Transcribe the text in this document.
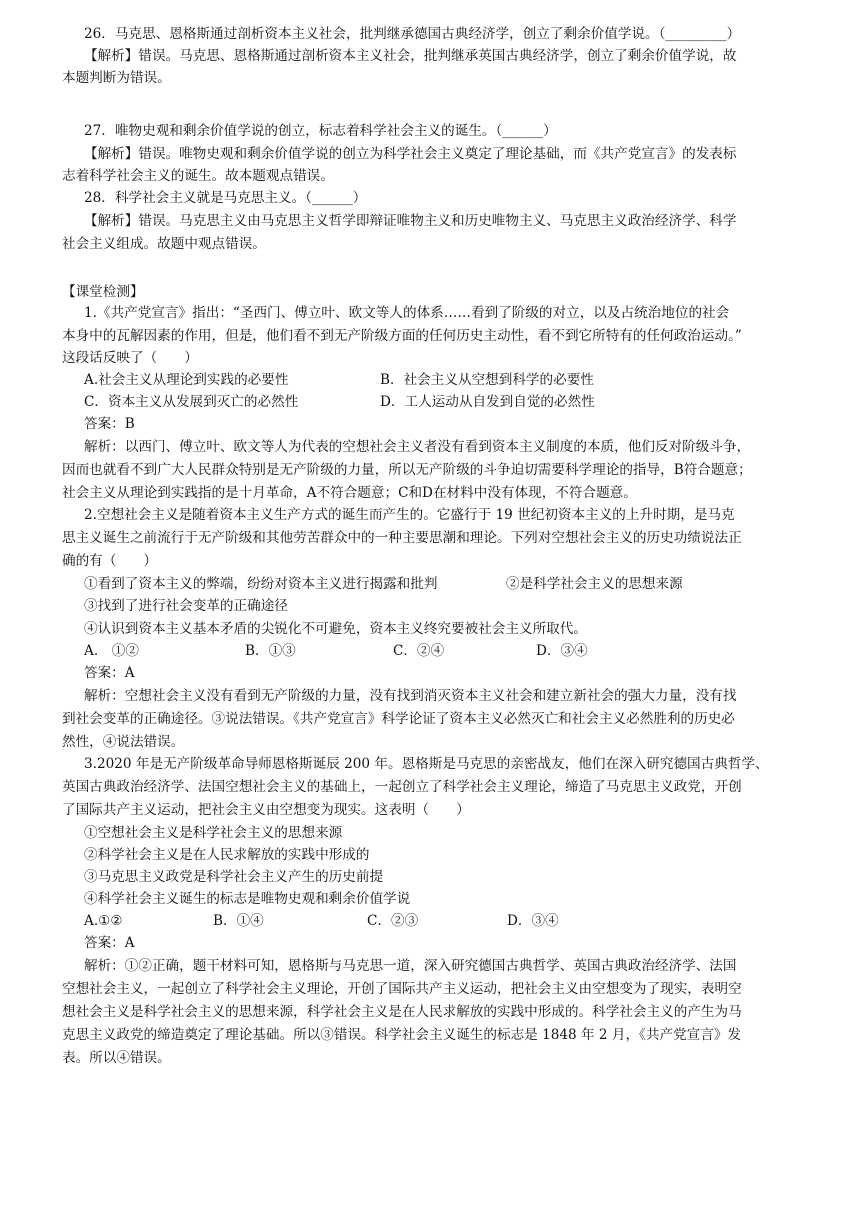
26．马克思、恩格斯通过剖析资本主义社会，批判继承德国古典经济学，创立了剩余价值学说。（_________）
【解析】错误。马克思、恩格斯通过剖析资本主义社会，批判继承英国古典经济学，创立了剩余价值学说，故
本题判断为错误。
27．唯物史观和剩余价值学说的创立，标志着科学社会主义的诞生。（______）
【解析】错误。唯物史观和剩余价值学说的创立为科学社会主义奠定了理论基础，而《共产党宣言》的发表标
志着科学社会主义的诞生。故本题观点错误。
28．科学社会主义就是马克思主义。（______）
【解析】错误。马克思主义由马克思主义哲学即辩证唯物主义和历史唯物主义、马克思主义政治经济学、科学
社会主义组成。故题中观点错误。
【课堂检测】
1.《共产党宣言》指出：“圣西门、傅立叶、欧文等人的体系……看到了阶级的对立，以及占统治地位的社会
本身中的瓦解因素的作用，但是，他们看不到无产阶级方面的任何历史主动性，看不到它所特有的任何政治运动。”
这段话反映了（　　）
A.社会主义从理论到实践的必要性	B．社会主义从空想到科学的必要性
C．资本主义从发展到灭亡的必然性	D．工人运动从自发到自觉的必然性
答案：B
解析：以西门、傅立叶、欧文等人为代表的空想社会主义者没有看到资本主义制度的本质，他们反对阶级斗争，
因而也就看不到广大人民群众特别是无产阶级的力量，所以无产阶级的斗争迫切需要科学理论的指导，B符合题意；
社会主义从理论到实践指的是十月革命，A不符合题意；C和D在材料中没有体现，不符合题意。
2.空想社会主义是随着资本主义生产方式的诞生而产生的。它盛行于 19 世纪初资本主义的上升时期，是马克
思主义诞生之前流行于无产阶级和其他劳苦群众中的一种主要思潮和理论。下列对空想社会主义的历史功绩说法正
确的有（　　）
①看到了资本主义的弊端，纷纷对资本主义进行揭露和批判	②是科学社会主义的思想来源
③找到了进行社会变革的正确途径
④认识到资本主义基本矛盾的尖锐化不可避免，资本主义终究要被社会主义所取代。
A.　①②	B．①③	C．②④	D．③④
答案：A
解析：空想社会主义没有看到无产阶级的力量，没有找到消灭资本主义社会和建立新社会的强大力量，没有找
到社会变革的正确途径。③说法错误。《共产党宣言》科学论证了资本主义必然灭亡和社会主义必然胜利的历史必
然性，④说法错误。
3.2020 年是无产阶级革命导师恩格斯诞辰 200 年。恩格斯是马克思的亲密战友，他们在深入研究德国古典哲学、
英国古典政治经济学、法国空想社会主义的基础上，一起创立了科学社会主义理论，缔造了马克思主义政党，开创
了国际共产主义运动，把社会主义由空想变为现实。这表明（　　）
①空想社会主义是科学社会主义的思想来源
②科学社会主义是在人民求解放的实践中形成的
③马克思主义政党是科学社会主义产生的历史前提
④科学社会主义诞生的标志是唯物史观和剩余价值学说
A.①②	B．①④	C．②③	D．③④
答案：A
解析：①②正确，题干材料可知，恩格斯与马克思一道，深入研究德国古典哲学、英国古典政治经济学、法国
空想社会主义，一起创立了科学社会主义理论，开创了国际共产主义运动，把社会主义由空想变为了现实，表明空
想社会主义是科学社会主义的思想来源，科学社会主义是在人民求解放的实践中形成的。科学社会主义的产生为马
克思主义政党的缔造奠定了理论基础。所以③错误。科学社会主义诞生的标志是 1848 年 2 月，《共产党宣言》发
表。所以④错误。
